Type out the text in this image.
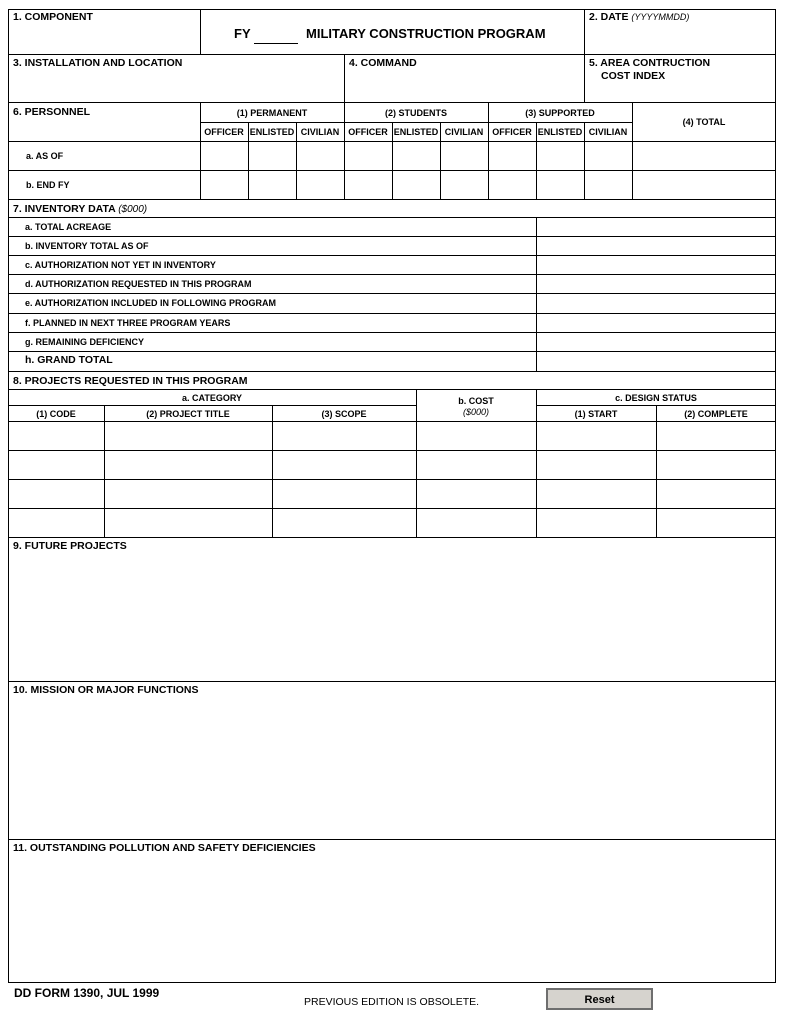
1. COMPONENT
FY	MILITARY CONSTRUCTION PROGRAM
2. DATE (YYYYMMDD)
3. INSTALLATION AND LOCATION	4. COMMAND	5. AREA CONTRUCTION
COST INDEX
6. PERSONNEL	(1) PERMANENT	(2) STUDENTS	(3) SUPPORTED
(4) TOTAL
OFFICER ENLISTED CIVILIAN	OFFICER ENLISTED CIVILIAN	OFFICER ENLISTED CIVILIAN
a. AS OF
b. END FY
7. INVENTORY DATA ($000)
a. TOTAL ACREAGE
b. INVENTORY TOTAL AS OF
c. AUTHORIZATION NOT YET IN INVENTORY
d. AUTHORIZATION REQUESTED IN THIS PROGRAM
e. AUTHORIZATION INCLUDED IN FOLLOWING PROGRAM
f. PLANNED IN NEXT THREE PROGRAM YEARS
g. REMAINING DEFICIENCY
h. GRAND TOTAL
8. PROJECTS REQUESTED IN THIS PROGRAM
a. CATEGORY
(1) CODE	(2) PROJECT TITLE	(3) SCOPE
b. COST
($000)
c. DESIGN STATUS
(1) START	(2) COMPLETE
9. FUTURE PROJECTS
10. MISSION OR MAJOR FUNCTIONS
11. OUTSTANDING POLLUTION AND SAFETY DEFICIENCIES
DD FORM 1390, JUL 1999
PREVIOUS EDITION IS OBSOLETE.	Reset
